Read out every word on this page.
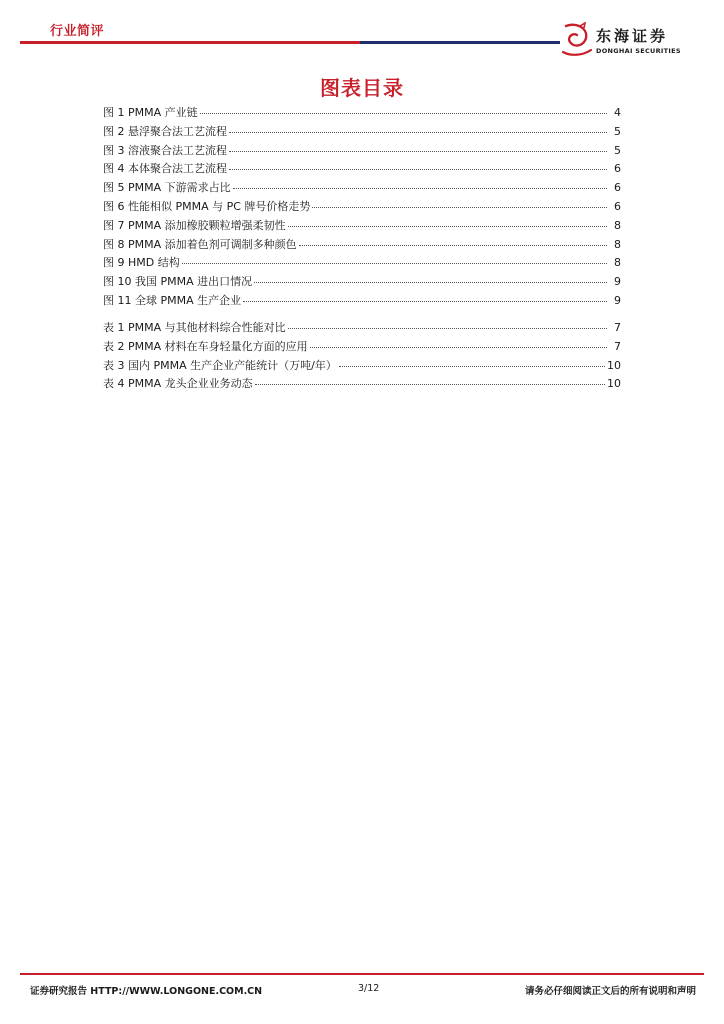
行业简评	东海证券
DONGHAI SECURITIES
图表目录
图 1 PMMA 产业链	4
图 2 悬浮聚合法工艺流程	5
图 3 溶液聚合法工艺流程	5
图 4 本体聚合法工艺流程	6
图 5 PMMA 下游需求占比	6
图 6 性能相似 PMMA 与 PC 牌号价格走势	6
图 7 PMMA 添加橡胶颗粒增强柔韧性	8
图 8 PMMA 添加着色剂可调制多种颜色	8
图 9 HMD 结构	8
图 10 我国 PMMA 进出口情况	9
图 11 全球 PMMA 生产企业	9
表 1 PMMA 与其他材料综合性能对比	7
表 2 PMMA 材料在车身轻量化方面的应用	7
表 3 国内 PMMA 生产企业产能统计（万吨/年）	10
表 4 PMMA 龙头企业业务动态	10
证券研究报告 HTTP://WWW.LONGONE.COM.CN	3/12	请务必仔细阅读正文后的所有说明和声明
